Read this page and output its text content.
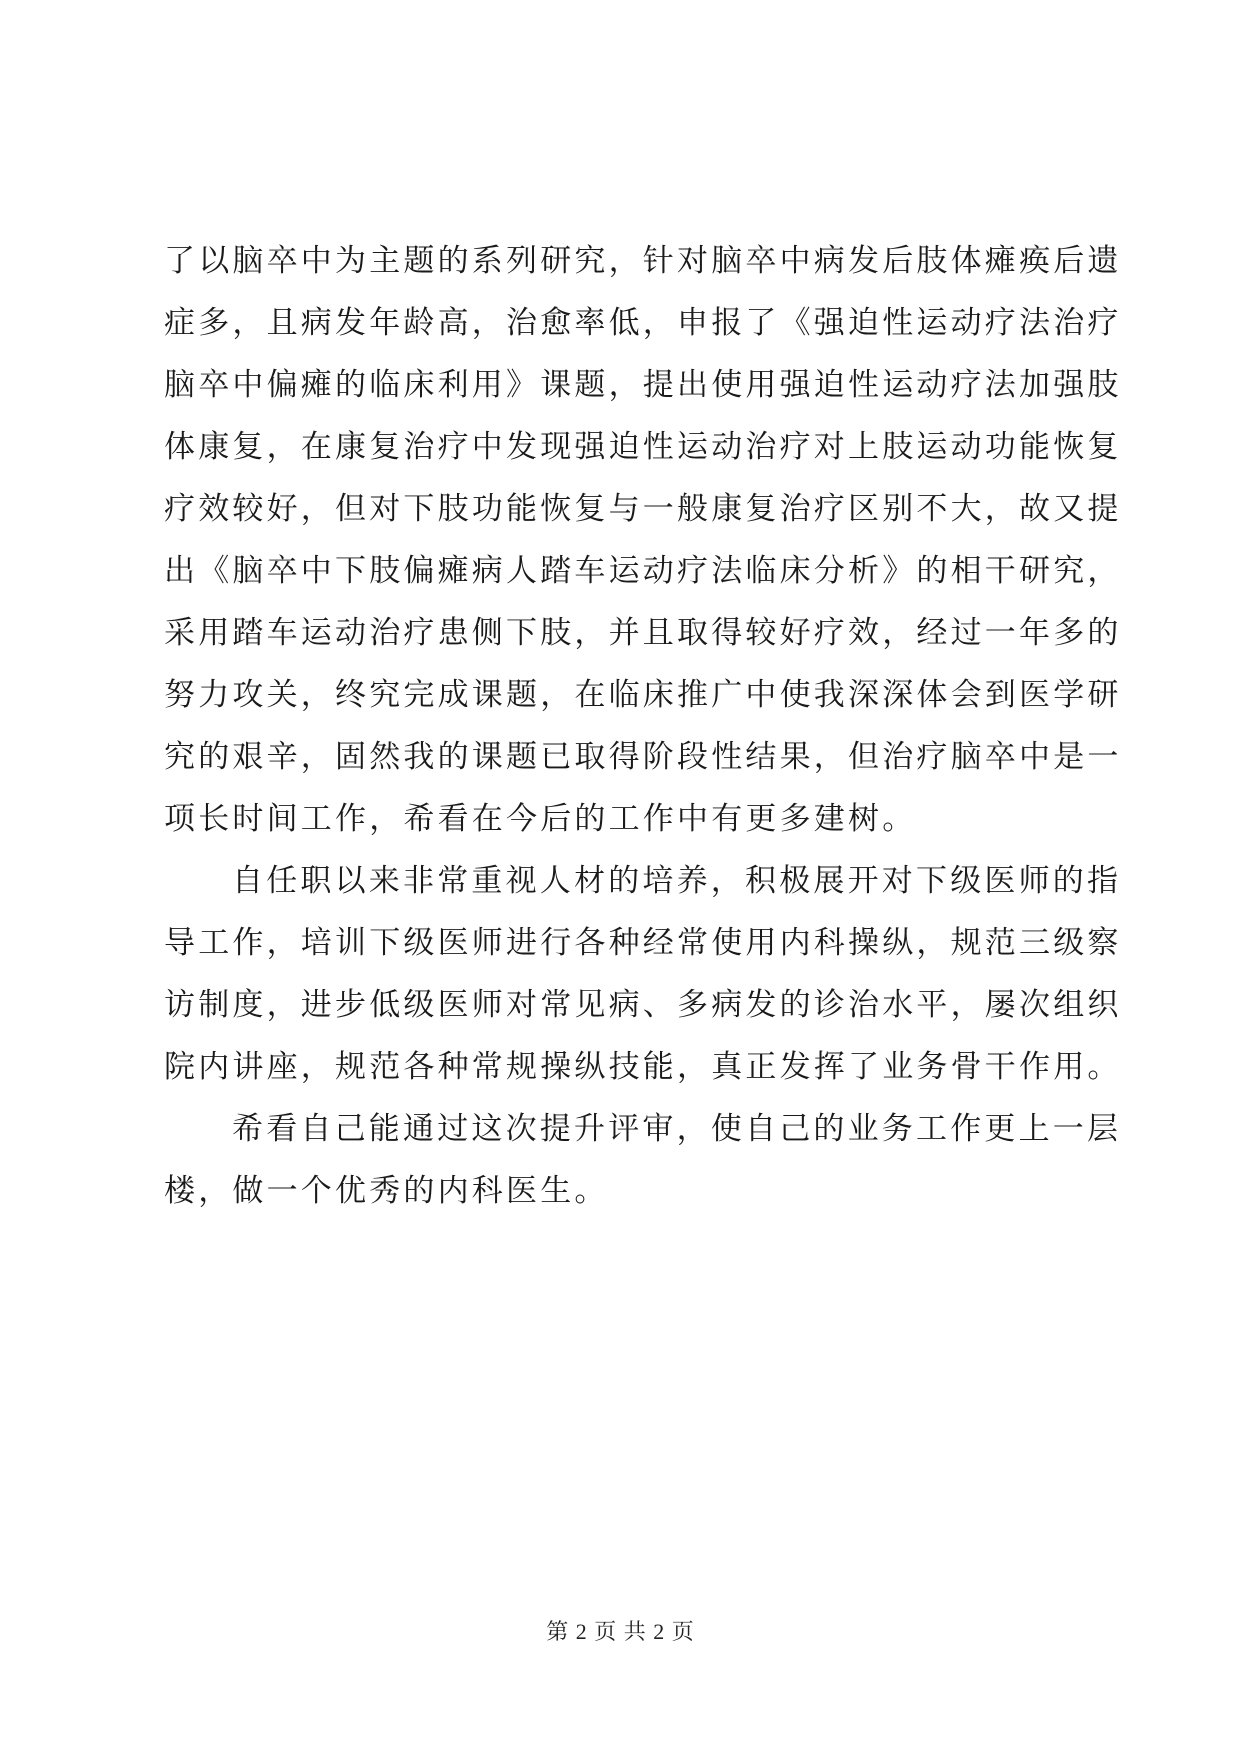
了以脑卒中为主题的系列研究，针对脑卒中病发后肢体瘫痪后遗
症多，且病发年龄高，治愈率低，申报了《强迫性运动疗法治疗
脑卒中偏瘫的临床利用》课题，提出使用强迫性运动疗法加强肢
体康复，在康复治疗中发现强迫性运动治疗对上肢运动功能恢复
疗效较好，但对下肢功能恢复与一般康复治疗区别不大，故又提
出《脑卒中下肢偏瘫病人踏车运动疗法临床分析》的相干研究，
采用踏车运动治疗患侧下肢，并且取得较好疗效，经过一年多的
努力攻关，终究完成课题，在临床推广中使我深深体会到医学研
究的艰辛，固然我的课题已取得阶段性结果，但治疗脑卒中是一
项长时间工作，希看在今后的工作中有更多建树。
自任职以来非常重视人材的培养，积极展开对下级医师的指
导工作，培训下级医师进行各种经常使用内科操纵，规范三级察
访制度，进步低级医师对常见病、多病发的诊治水平，屡次组织
院内讲座，规范各种常规操纵技能，真正发挥了业务骨干作用。
希看自己能通过这次提升评审，使自己的业务工作更上一层
楼，做一个优秀的内科医生。
第 2 页 共 2 页
